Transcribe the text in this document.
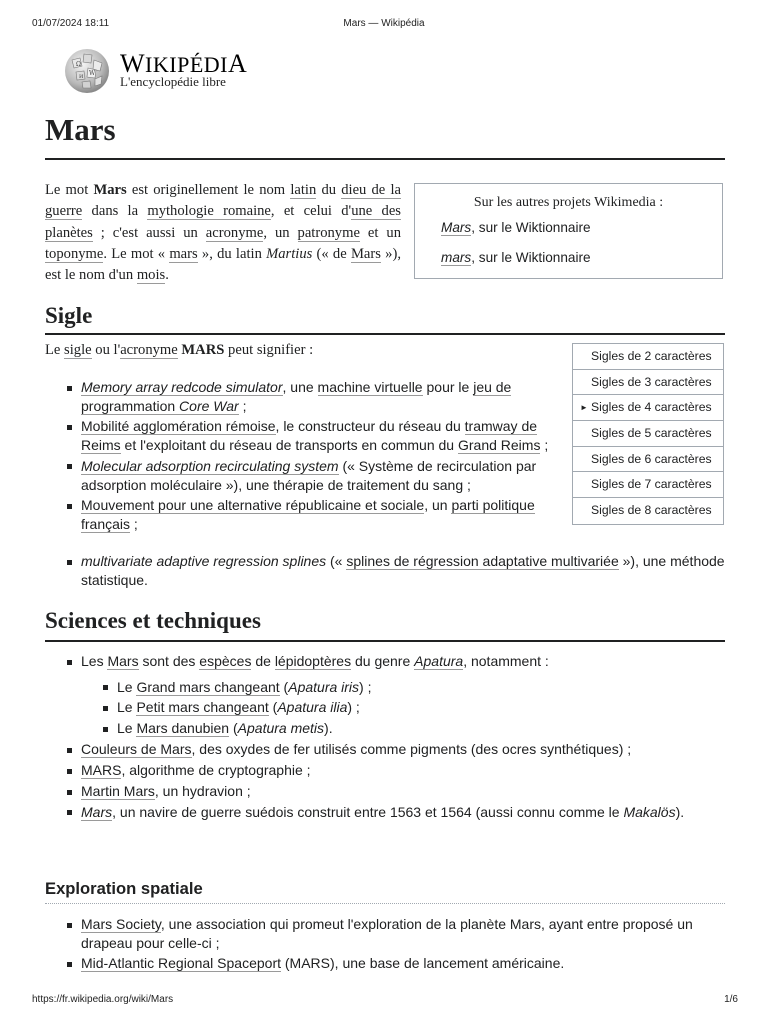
01/07/2024 18:11	Mars — Wikipédia
Ω
W
И WIKIPÉDIA
L'encyclopédie libre
Mars

Le mot Mars est originellement le nom latin du dieu de la guerre dans la mythologie romaine, et celui d'une des planètes ; c'est aussi un acronyme, un patronyme et un toponyme. Le mot « mars », du latin Martius (« de Mars »), est le nom d'un mois.

Sur les autres projets Wikimedia :
Mars, sur le Wiktionnaire
mars, sur le Wiktionnaire
Sigle

Le sigle ou l'acronyme MARS peut signifier :	Sigles de 2 caractères
Sigles de 3 caractères
► Sigles de 4 caractères
Sigles de 5 caractères
Sigles de 6 caractères
Sigles de 7 caractères
Sigles de 8 caractères
Memory array redcode simulator, une machine virtuelle pour le jeu de programmation Core War ;
Mobilité agglomération rémoise, le constructeur du réseau du tramway de Reims et l'exploitant du réseau de transports en commun du Grand Reims ;
Molecular adsorption recirculating system (« Système de recirculation par adsorption moléculaire »), une thérapie de traitement du sang ;
Mouvement pour une alternative républicaine et sociale, un parti politique français ;
multivariate adaptive regression splines (« splines de régression adaptative multivariée »), une méthode statistique.
Sciences et techniques
Les Mars sont des espèces de lépidoptères du genre Apatura, notamment :
Le Grand mars changeant (Apatura iris) ;
Le Petit mars changeant (Apatura ilia) ;
Le Mars danubien (Apatura metis).
Couleurs de Mars, des oxydes de fer utilisés comme pigments (des ocres synthétiques) ;
MARS, algorithme de cryptographie ;
Martin Mars, un hydravion ;
Mars, un navire de guerre suédois construit entre 1563 et 1564 (aussi connu comme le Makalös).
Exploration spatiale
Mars Society, une association qui promeut l'exploration de la planète Mars, ayant entre proposé un drapeau pour celle-ci ;
Mid-Atlantic Regional Spaceport (MARS), une base de lancement américaine.
https://fr.wikipedia.org/wiki/Mars	1/6
